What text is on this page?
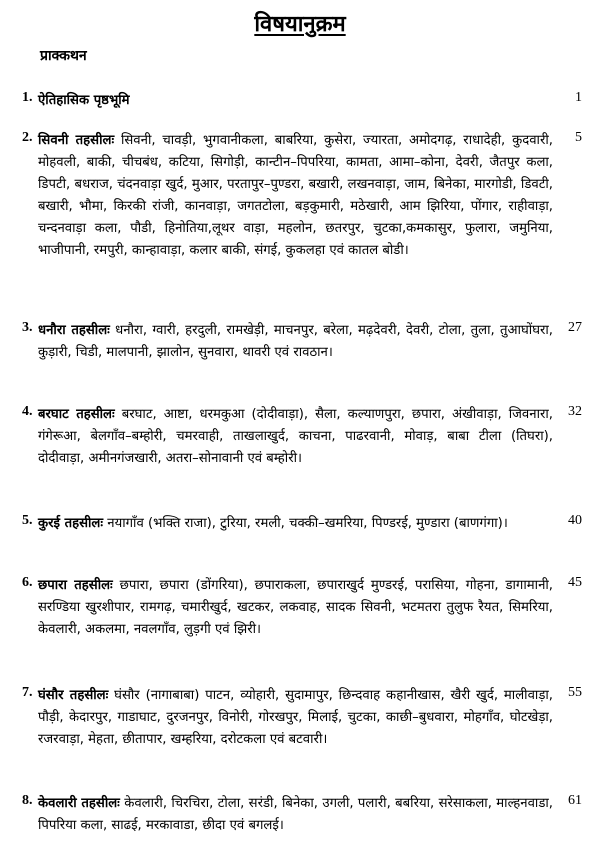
विषयानुक्रम
प्राक्कथन
1. ऐतिहासिक पृष्ठभूमि	1
2. सिवनी तहसीलः सिवनी, चावड़ी, भुगवानीकला, बाबरिया, कुसेरा, ज्यारता, अमोदगढ़, राधादेही, कुदवारी, मोहवली, बाकी, चीचबंध, कटिया, सिगोड़ी, कान्टीन–पिपरिया, कामता, आमा–कोना, देवरी, जैतपुर कला, डिपटी, बधराज, चंदनवाड़ा खुर्द, मुआर, परतापुर–पुण्डरा, बखारी, लखनवाड़ा, जाम, बिनेका, मारगोडी, डिवटी, बखारी, भौमा, किरकी रांजी, कानवाड़ा, जगतटोला, बड़कुमारी, मठेखारी, आम झिरिया, पोंगार, राहीवाड़ा, चन्दनवाड़ा कला, पौडी, हिनोतिया,लूथर वाड़ा, महलोन, छतरपुर, चुटका,कमकासुर, फुलारा, जमुनिया, भाजीपानी, रमपुरी, कान्हावाड़ा, कलार बाकी, संगई, कुकलहा एवं कातल बोडी।
5
3. धनौरा तहसीलः धनौरा, ग्वारी, हरदुली, रामखेड़ी, माचनपुर, बरेला, मढ़देवरी, देवरी, टोला, तुला, तुआघोंघरा, कुड़ारी, चिडी, मालपानी, झालोन, सुनवारा, थावरी एवं रावठान।
27
4. बरघाट तहसीलः बरघाट, आष्टा, धरमकुआ (दोदीवाड़ा), सैला, कल्याणपुरा, छपारा, अंखीवाड़ा, जिवनारा, गंगेरूआ, बेलगाँव–बम्होरी, चमरवाही, ताखलाखुर्द, काचना, पाढरवानी, मोवाड़, बाबा टीला (तिघरा), दोदीवाड़ा, अमीनगंजखारी, अतरा–सोनावानी एवं बम्होरी।
32
5. कुरई तहसीलः नयागाँव (भक्ति राजा), टुरिया, रमली, चक्की–खमरिया, पिण्डरई, मुण्डारा (बाणगंगा)।	40
6. छपारा तहसीलः छपारा, छपारा (डोंगरिया), छपाराकला, छपाराखुर्द मुण्डरई, परासिया, गोहना, डागामानी, सरण्डिया खुरशीपार, रामगढ़, चमारीखुर्द, खटकर, लकवाह, सादक सिवनी, भटमतरा तुलुफ रैयत, सिमरिया, केवलारी, अकलमा, नवलगाँव, लुड़गी एवं झिरी।
45
7. घंसौर तहसीलः घंसौर (नागाबाबा) पाटन, व्योहारी, सुदामापुर, छिन्दवाह कहानीखास, खैरी खुर्द, मालीवाड़ा, पौड़ी, केदारपुर, गाडाघाट, दुरजनपुर, विनोरी, गोरखपुर, मिलाई, चुटका, काछी–बुधवारा, मोहगाँव, घोटखेड़ा, रजरवाड़ा, मेहता, छीतापार, खम्हरिया, दरोटकला एवं बटवारी।
55
8. केवलारी तहसीलः केवलारी, चिरचिरा, टोला, सरंडी, बिनेका, उगली, पलारी, बबरिया, सरेसाकला, माल्हनवाडा, पिपरिया कला, साढई, मरकावाडा, छीदा एवं बगलई।
61
